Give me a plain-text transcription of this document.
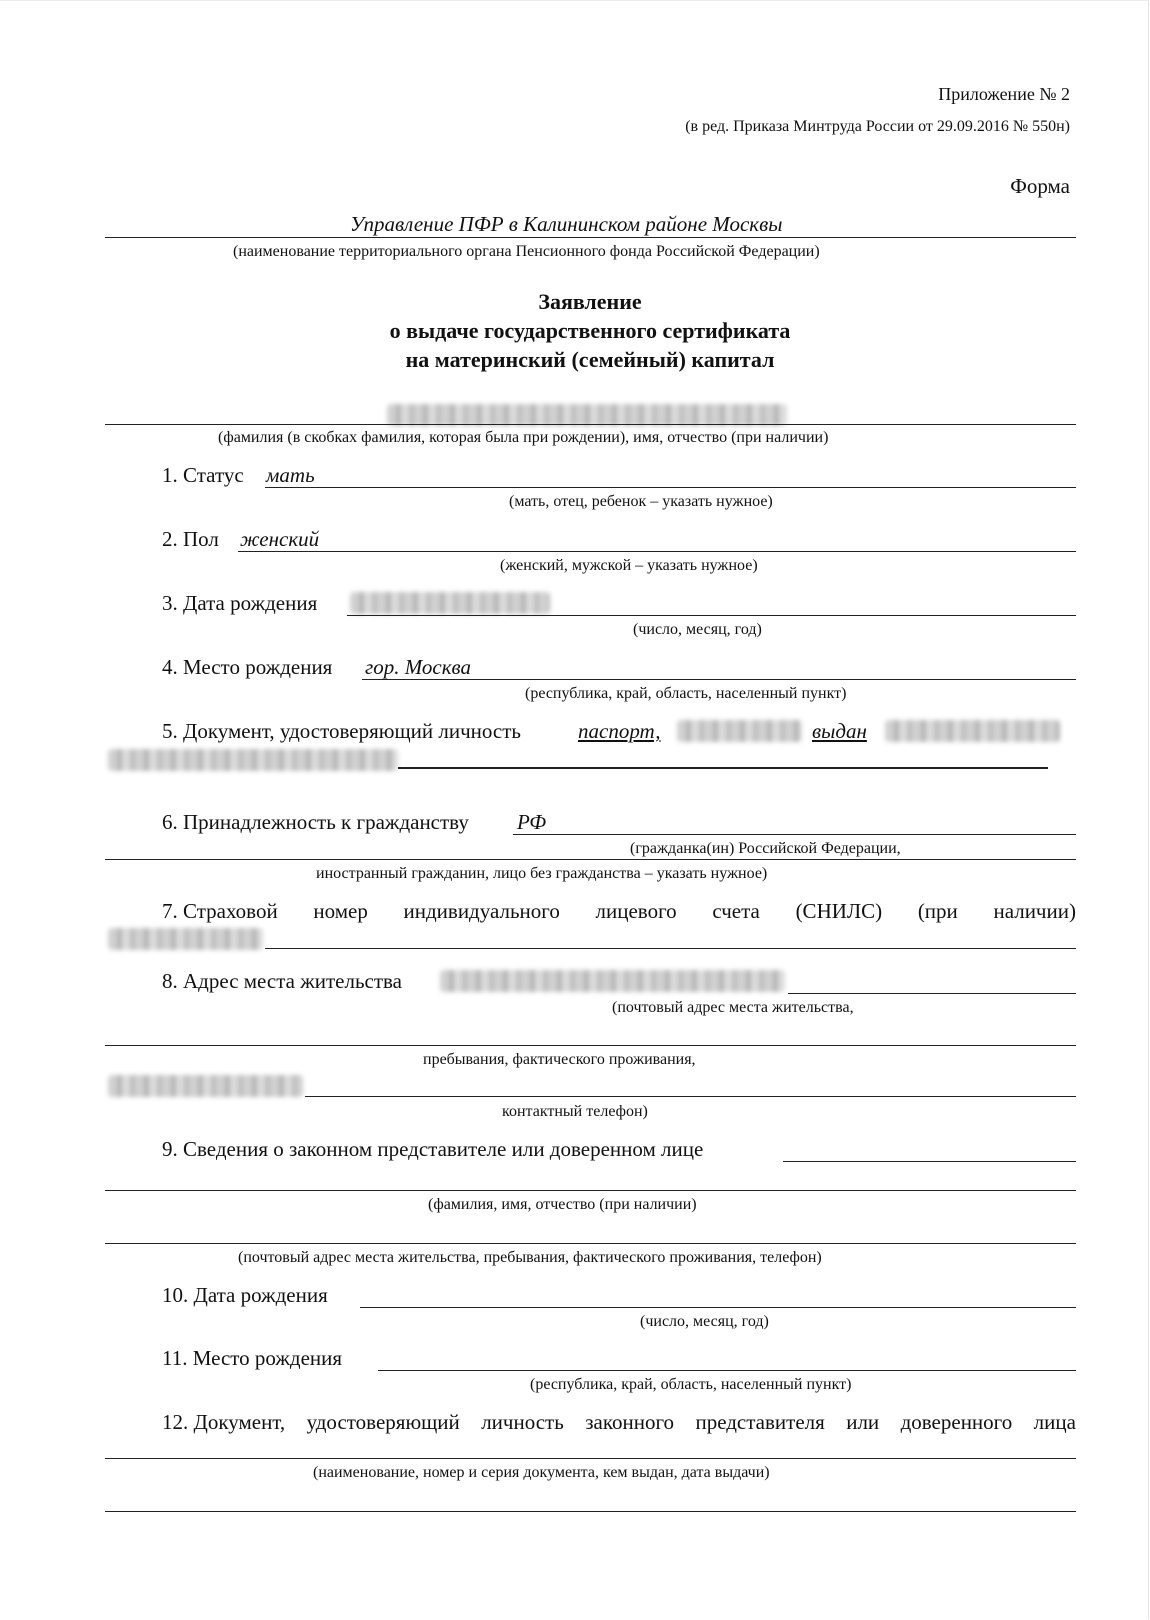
Приложение № 2
(в ред. Приказа Минтруда России от 29.09.2016 № 550н)
Форма
Управление ПФР в Калининском районе Москвы
(наименование территориального органа Пенсионного фонда Российской Федерации)
Заявление
о выдаче государственного сертификата
на материнский (семейный) капитал
(фамилия (в скобках фамилия, которая была при рождении), имя, отчество (при наличии)
1. Статус мать
(мать, отец, ребенок – указать нужное)
2. Пол женский
(женский, мужской – указать нужное)
3. Дата рождения
(число, месяц, год)
4. Место рождения гор. Москва
(республика, край, область, населенный пункт)
5. Документ, удостоверяющий личность	паспорт,	выдан
6. Принадлежность к гражданству РФ
(гражданка(ин) Российской Федерации,
иностранный гражданин, лицо без гражданства – указать нужное)
7. Страховой номер индивидуального лицевого счета (СНИЛС) (при наличии)
8. Адрес места жительства
(почтовый адрес места жительства,
пребывания, фактического проживания,
контактный телефон)
9. Сведения о законном представителе или доверенном лице
(фамилия, имя, отчество (при наличии)
(почтовый адрес места жительства, пребывания, фактического проживания, телефон)
10. Дата рождения
(число, месяц, год)
11. Место рождения
(республика, край, область, населенный пункт)
12. Документ, удостоверяющий личность законного представителя или доверенного лица
(наименование, номер и серия документа, кем выдан, дата выдачи)
